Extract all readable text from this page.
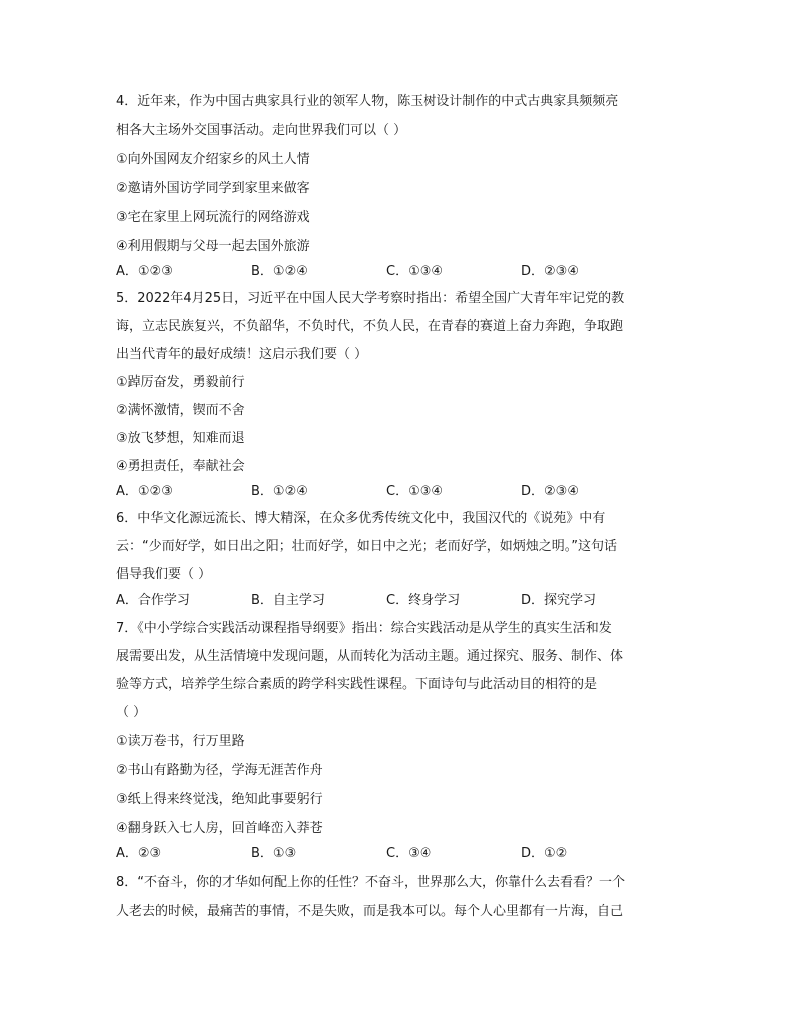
4．近年来，作为中国古典家具行业的领军人物，陈玉树设计制作的中式古典家具频频亮
相各大主场外交国事活动。走向世界我们可以（ ）
①向外国网友介绍家乡的风土人情
②邀请外国访学同学到家里来做客
③宅在家里上网玩流行的网络游戏
④利用假期与父母一起去国外旅游
A．①②③	B．①②④	C．①③④	D．②③④
5．2022年4月25日，习近平在中国人民大学考察时指出：希望全国广大青年牢记党的教
诲，立志民族复兴，不负韶华，不负时代，不负人民，在青春的赛道上奋力奔跑，争取跑
出当代青年的最好成绩！这启示我们要（ ）
①踔厉奋发，勇毅前行
②满怀激情，锲而不舍
③放飞梦想，知难而退
④勇担责任，奉献社会
A．①②③	B．①②④	C．①③④	D．②③④
6．中华文化源远流长、博大精深，在众多优秀传统文化中，我国汉代的《说苑》中有
云：“少而好学，如日出之阳；壮而好学，如日中之光；老而好学，如炳烛之明。”这句话
倡导我们要（ ）
A．合作学习	B．自主学习	C．终身学习	D．探究学习
7．《中小学综合实践活动课程指导纲要》指出：综合实践活动是从学生的真实生活和发
展需要出发，从生活情境中发现问题，从而转化为活动主题。通过探究、服务、制作、体
验等方式，培养学生综合素质的跨学科实践性课程。下面诗句与此活动目的相符的是
（ ）
①读万卷书，行万里路
②书山有路勤为径，学海无涯苦作舟
③纸上得来终觉浅，绝知此事要躬行
④翻身跃入七人房，回首峰峦入莽苍
A．②③	B．①③	C．③④	D．①②
8．“不奋斗，你的才华如何配上你的任性？不奋斗，世界那么大，你靠什么去看看？一个
人老去的时候，最痛苦的事情，不是失败，而是我本可以。每个人心里都有一片海，自己
